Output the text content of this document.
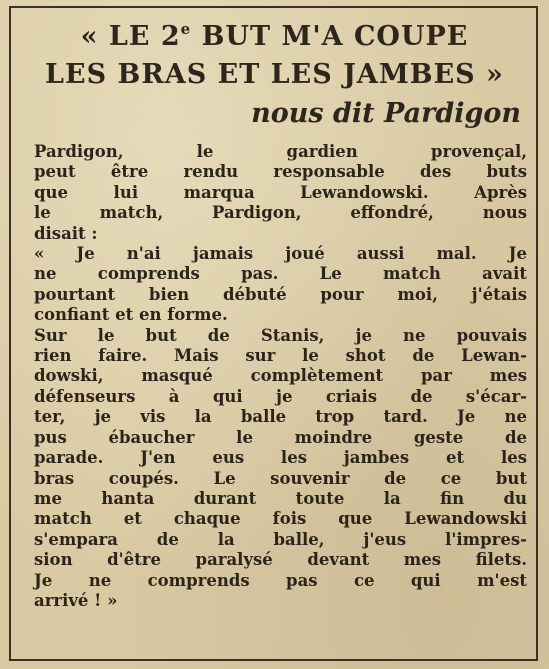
« LE 2e BUT M'A COUPE
LES BRAS ET LES JAMBES »
nous dit Pardigon
Pardigon, le gardien provençal,
peut être rendu responsable des buts
que lui marqua Lewandowski. Après
le match, Pardigon, effondré, nous
disait :
« Je n'ai jamais joué aussi mal. Je
ne comprends pas. Le match avait
pourtant bien débuté pour moi, j'étais
confiant et en forme.
Sur le but de Stanis, je ne pouvais
rien faire. Mais sur le shot de Lewan-
dowski, masqué complètement par mes
défenseurs à qui je criais de s'écar-
ter, je vis la balle trop tard. Je ne
pus ébaucher le moindre geste de
parade. J'en eus les jambes et les
bras coupés. Le souvenir de ce but
me hanta durant toute la fin du
match et chaque fois que Lewandowski
s'empara de la balle, j'eus l'impres-
sion d'être paralysé devant mes filets.
Je ne comprends pas ce qui m'est
arrivé ! »
